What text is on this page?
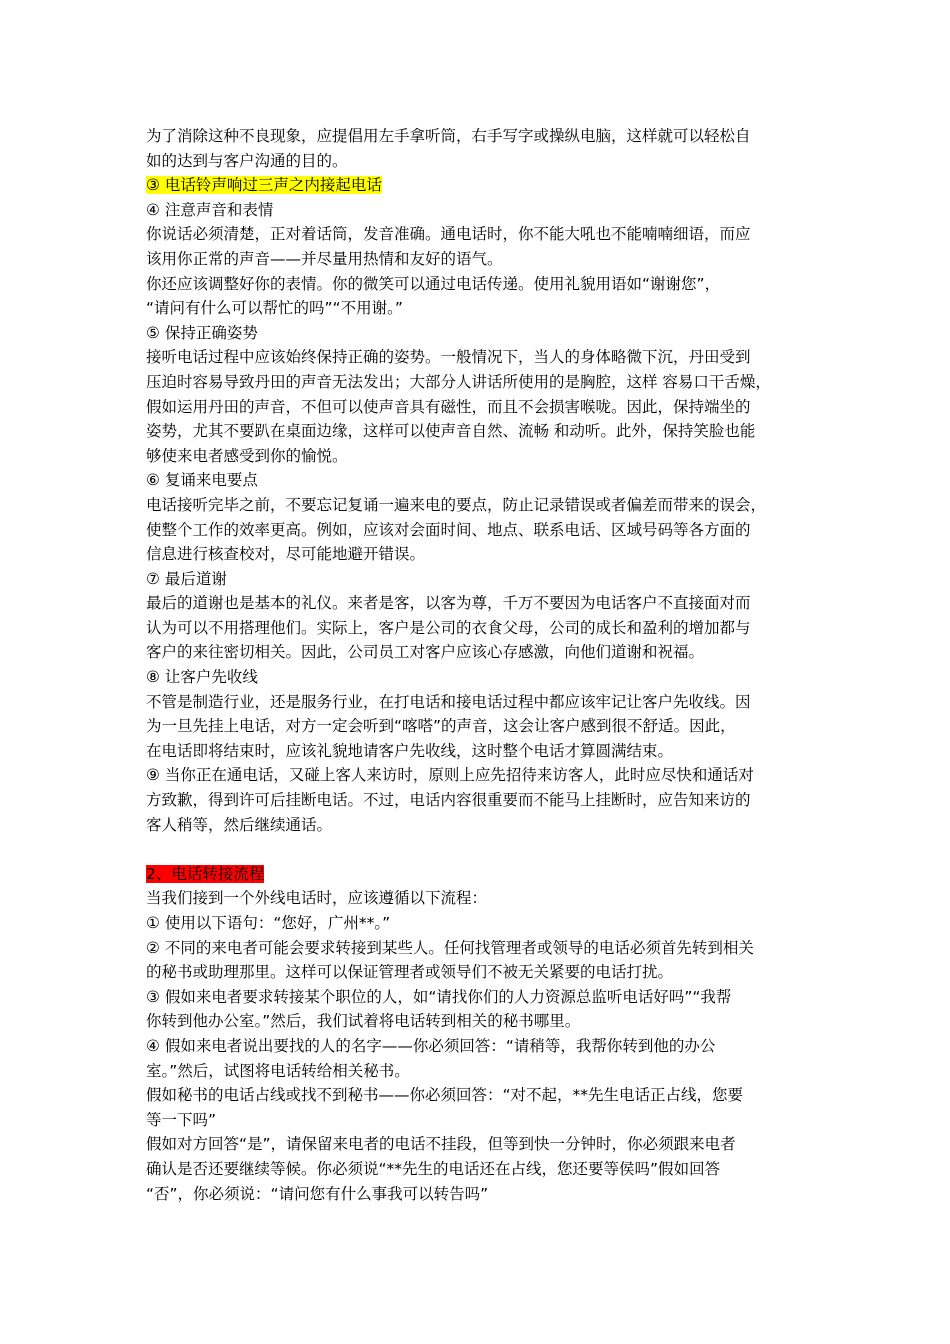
为了消除这种不良现象，应提倡用左手拿听筒，右手写字或操纵电脑，这样就可以轻松自
如的达到与客户沟通的目的。
③ 电话铃声响过三声之内接起电话
④ 注意声音和表情
你说话必须清楚，正对着话筒，发音准确。通电话时，你不能大吼也不能喃喃细语，而应
该用你正常的声音——并尽量用热情和友好的语气。
你还应该调整好你的表情。你的微笑可以通过电话传递。使用礼貌用语如“谢谢您”，
“请问有什么可以帮忙的吗”“不用谢。”
⑤ 保持正确姿势
接听电话过程中应该始终保持正确的姿势。一般情况下，当人的身体略微下沉，丹田受到
压迫时容易导致丹田的声音无法发出；大部分人讲话所使用的是胸腔，这样 容易口干舌燥，
假如运用丹田的声音，不但可以使声音具有磁性，而且不会损害喉咙。因此，保持端坐的
姿势，尤其不要趴在桌面边缘，这样可以使声音自然、流畅 和动听。此外，保持笑脸也能
够使来电者感受到你的愉悦。
⑥ 复诵来电要点
电话接听完毕之前，不要忘记复诵一遍来电的要点，防止记录错误或者偏差而带来的误会，
使整个工作的效率更高。例如，应该对会面时间、地点、联系电话、区域号码等各方面的
信息进行核查校对，尽可能地避开错误。
⑦ 最后道谢
最后的道谢也是基本的礼仪。来者是客，以客为尊，千万不要因为电话客户不直接面对而
认为可以不用搭理他们。实际上，客户是公司的衣食父母，公司的成长和盈利的增加都与
客户的来往密切相关。因此，公司员工对客户应该心存感激，向他们道谢和祝福。
⑧ 让客户先收线
不管是制造行业，还是服务行业，在打电话和接电话过程中都应该牢记让客户先收线。因
为一旦先挂上电话，对方一定会听到“喀嗒”的声音，这会让客户感到很不舒适。因此，
在电话即将结束时，应该礼貌地请客户先收线，这时整个电话才算圆满结束。
⑨ 当你正在通电话，又碰上客人来访时，原则上应先招待来访客人，此时应尽快和通话对
方致歉，得到许可后挂断电话。不过，电话内容很重要而不能马上挂断时，应告知来访的
客人稍等，然后继续通话。
2、电话转接流程
当我们接到一个外线电话时，应该遵循以下流程：
① 使用以下语句：“您好，广州**。”
② 不同的来电者可能会要求转接到某些人。任何找管理者或领导的电话必须首先转到相关
的秘书或助理那里。这样可以保证管理者或领导们不被无关紧要的电话打扰。
③ 假如来电者要求转接某个职位的人，如“请找你们的人力资源总监听电话好吗”“我帮
你转到他办公室。”然后，我们试着将电话转到相关的秘书哪里。
④ 假如来电者说出要找的人的名字——你必须回答：“请稍等，我帮你转到他的办公
室。”然后，试图将电话转给相关秘书。
假如秘书的电话占线或找不到秘书——你必须回答：“对不起，**先生电话正占线，您要
等一下吗”
假如对方回答“是”，请保留来电者的电话不挂段，但等到快一分钟时，你必须跟来电者
确认是否还要继续等候。你必须说“**先生的电话还在占线，您还要等侯吗”假如回答
“否”，你必须说：“请问您有什么事我可以转告吗”
